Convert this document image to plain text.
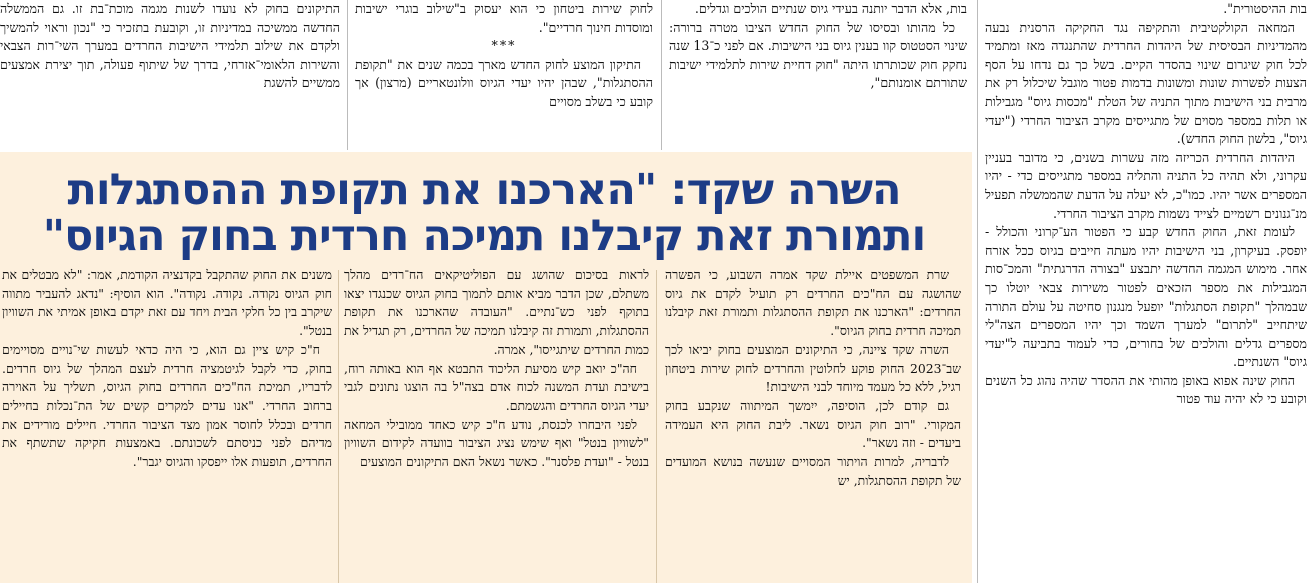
בות ההיסטורית".

המחאה הקולקטיבית והתקיפה נגד החקיקה הרסנית נבעה מהמדיניות הבסיסית של היהדות החרדית שהתנגדה מאז ומתמיד לכל חוק שיגרום שינוי בהסדר הקיים. בשל כך גם נדחו על הסף הצעות לפשרות שונות ומשונות בדמות פטור מוגבל שיכלול רק את מרבית בני הישיבות מתוך התניה של הטלת "מכסות גיוס" מגבילות או תלות במספר מסוים של מתגייסים מקרב הציבור החרדי ("יעדי גיוס", בלשון החוק החדש).

היהדות החרדית הכריזה מזה עשרות בשנים, כי מדובר בעניין עקרוני, ולא תהיה כל התניה והתליה במספר מתגייסים כדי - יהיו המספרים אשר יהיו. כמו"כ, לא יעלה על הדעת שהממשלה תפעיל מנ־גנונים רשמיים לצייד נשמות מקרב הציבור החרדי.

לעומת זאת, החוק החדש קבע כי הפטור הע־קרוני והכולל - יופסק. בעיקרון, בני הישיבות יהיו מעתה חייבים בגיוס ככל אזרח אחר. מימוש המגמה החדשה יתבצע "בצורה הדרגתית" והמכ־סות המגבילות את מספר הזכאים לפטור משירות צבאי יוטלו כך שבמהלך "תקופת הסתגלות" יופעל מנגנון סחיטה על עולם התורה שיתחייב "לתרום" למערך השמד וכך יהיו המספרים הצה"לי מספרים גדלים והולכים של בחורים, כדי לעמוד בתביעה ל"יעדי גיוס" השנתיים.

החוק שינה אפוא באופן מהותי את ההסדר שהיה נהוג כל השנים וקובע כי לא יהיה עוד פטור

בות, אלא הדבר יותנה בעידי גיוס שנתיים הולכים וגדלים.

כל מהותו ובסיסו של החוק החדש הציבו מטרה ברורה: שינוי הסטטוס קוו בענין גיוס בני הישיבות. אם לפני כ־13 שנה נחקק חוק שכותרתו היתה "חוק דחיית שירות לתלמידי ישיבות שתורתם אומנותם",

לחוק שירות ביטחון כי הוא יעסוק ב"שילוב בוגרי ישיבות ומוסדות חינוך חרדיים".

***

התיקון המוצע לחוק החדש מארך בכמה שנים את "תקופת ההסתגלות", שבהן יהיו יעדי הגיוס וולונטאריים (מרצון) אך קובע כי בשלב מסויים

התיקונים בחוק לא נועדו לשנות מגמה מוכת־בת זו. גם הממשלה החדשה ממשיכה במדיניות זו, וקובעת בתזכיר כי "נכון וראוי להמשיך ולקדם את שילוב תלמידי הישיבות החרדים במערך השי־רות הצבאי והשירות הלאומי־אזרחי, בדרך של שיתוף פעולה, תוך יצירת אמצעים ממשיים להשגת

השרה שקד: "הארכנו את תקופת ההסתגלות
ותמורת זאת קיבלנו תמיכה חרדית בחוק הגיוס"

שרת המשפטים איילת שקד אמרה השבוע, כי הפשרה שהושגה עם הח"כים החרדים רק תועיל לקדם את גיוס החרדים: "הארכנו את תקופת ההסתגלות ותמורת זאת קיבלנו תמיכה חרדית בחוק הגיוס".

השרה שקד ציינה, כי התיקונים המוצעים בחוק יביאו לכך שב־2023 החוק פוקע לחלוטין והחרדים לחוק שירות ביטחון רגיל, ללא כל מעמד מיוחד לבני הישיבות!

גם קודם לכן, הוסיפה, ייִמשך המיתווה שנקבע בחוק המקורי. "רוב חוק הגיוס נשאר. ליבת החוק היא העמידה ביעדים - וזה נשאר".

לדבריה, למרות הויתור המסויים שנעשה בנושא המועדים של תקופת ההסתגלות, יש

לראות בסיכום שהושג עם הפוליטיקאים הח־רדים מהלך משתלם, שכן הדבר מביא אותם לתמוך בחוק הגיוס שכנגדו יצאו בתוקף לפני כש־נתיים. "העובדה שהארכנו את תקופת ההסתגלות, ותמורת זה קיבלנו תמיכה של החרדים, רק תגדיל את כמות החרדים שיתגייסו", אמרה.

חה"כ יואב קיש מסיעת הליכוד התבטא אף הוא באותה רוח, בישיבת ועדת המשנה לכוח אדם בצה"ל בה הוצגו נתונים לגבי יעדי הגיוס החרדים והגשמתם.

לפני היבחרו לכנסת, נודע ח"כ קיש כאחד ממובילי המחאה "לשוויון בנטל" ואף שימש נציג הציבור בוועדה לקידום השוויון בנטל - "ועדת פלסנר". כאשר נשאל האם התיקונים המוצעים

משנים את החוק שהתקבל בקדנציה הקודמת, אמר: "לא מבטלים את חוק הגיוס נקודה. נקודה. נקודה". הוא הוסיף: "נדאג להעביר מתווה שיקרב בין כל חלקי הבית ויחד עם זאת יקדם באופן אמיתי את השוויון בנטל".

ח"כ קיש ציין גם הוא, כי היה כדאי לעשות שי־נויים מסויימים בחוק, כדי לקבל לגיטמציה חרדית לעצם המהלך של גיוס חרדים. לדבריו, תמיכת הח"כים החרדים בחוק הגיוס, תשליך על האוירה ברחוב החרדי. "אנו עדים למקרים קשים של הת־נכלות בחיילים חרדים ובכלל לחוסר אמון מצד הציבור החרדי. חיילים מורידים את מדיהם לפני כניסתם לשכונתם. באמצעות חקיקה שתשתף את החרדים, תופעות אלו ייפסקו והגיוס יגבר".
